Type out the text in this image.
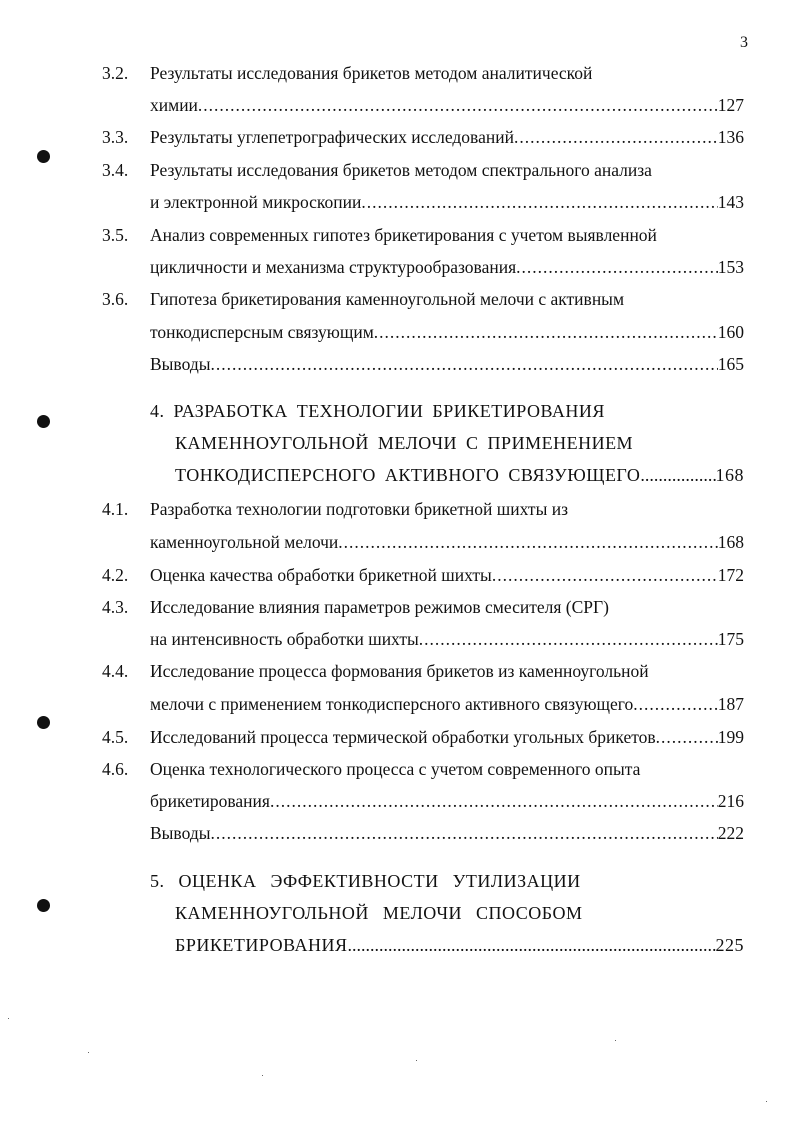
3
3.2. Результаты исследования брикетов методом аналитической
химии .....	127
3.3. Результаты углепетрографических исследований .....	136
3.4. Результаты исследования брикетов методом спектрального анализа
и электронной микроскопии .....	143
3.5. Анализ современных гипотез брикетирования с учетом выявленной
цикличности и механизма структурообразования .....	153
3.6. Гипотеза брикетирования каменноугольной мелочи с активным
тонкодисперсным связующим .....	160
Выводы .....	165
4. РАЗРАБОТКА ТЕХНОЛОГИИ БРИКЕТИРОВАНИЯ
КАМЕННОУГОЛЬНОЙ МЕЛОЧИ С ПРИМЕНЕНИЕМ
ТОНКОДИСПЕРСНОГО АКТИВНОГО СВЯЗУЮЩЕГО .....	168
4.1. Разработка технологии подготовки брикетной шихты из
каменноугольной мелочи .....	168
4.2. Оценка качества обработки брикетной шихты .....	172
4.3. Исследование влияния параметров режимов смесителя (СРГ)
на интенсивность обработки шихты .....	175
4.4. Исследование процесса формования брикетов из каменноугольной
мелочи с применением тонкодисперсного активного связующего .....	187
4.5. Исследований процесса термической обработки угольных брикетов .....	199
4.6. Оценка технологического процесса с учетом современного опыта
брикетирования .....	216
Выводы .....	222
5. ОЦЕНКА ЭФФЕКТИВНОСТИ УТИЛИЗАЦИИ
КАМЕННОУГОЛЬНОЙ МЕЛОЧИ СПОСОБОМ
БРИКЕТИРОВАНИЯ .....	225
